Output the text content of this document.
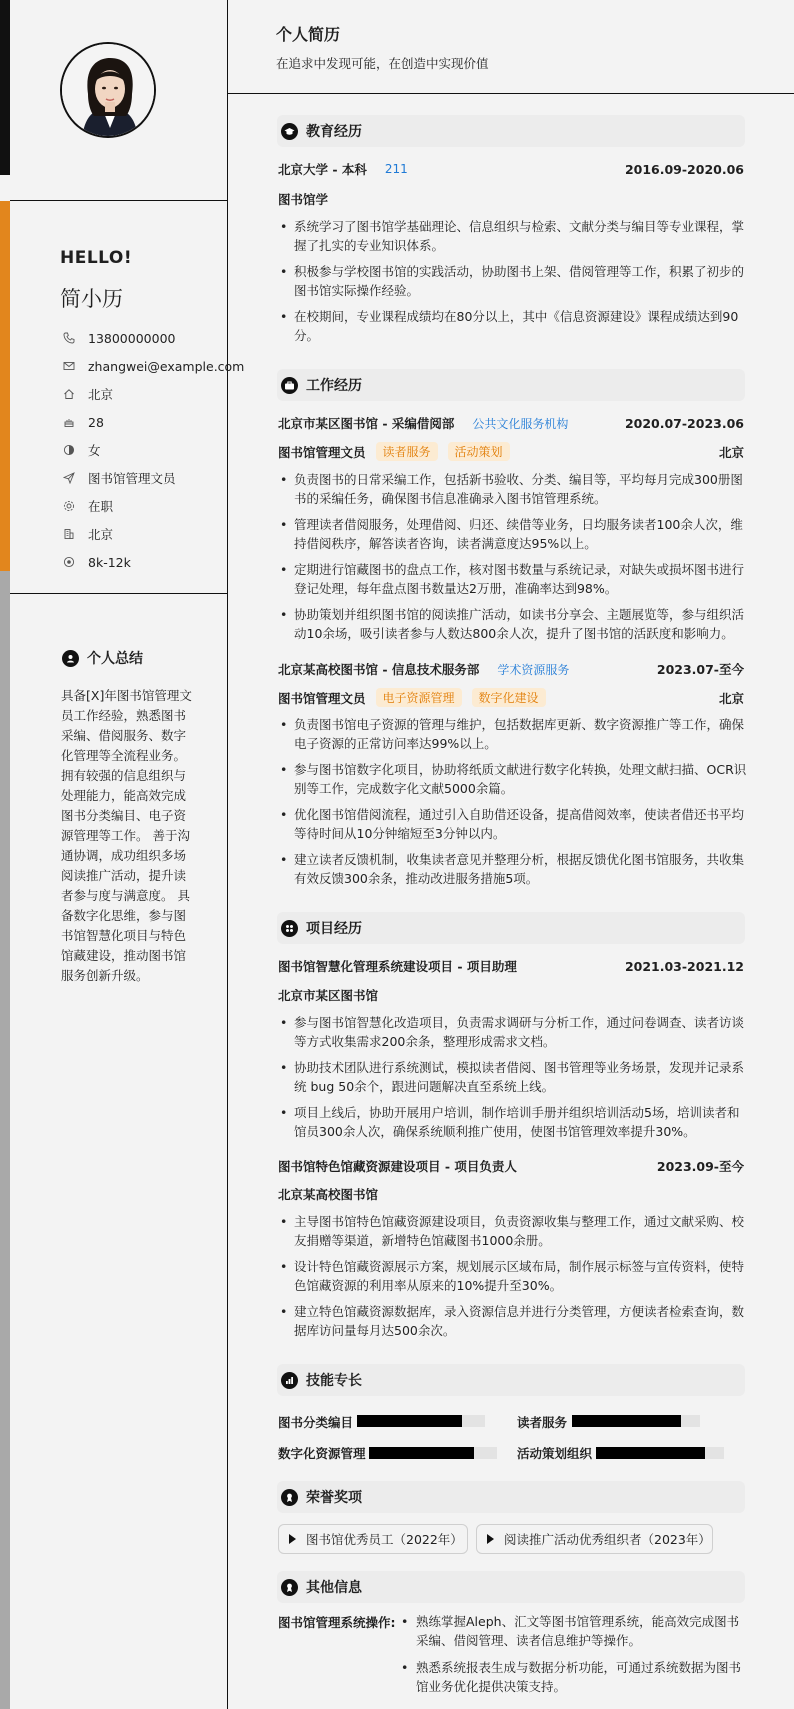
HELLO!
简小历
13800000000
zhangwei@example.com
北京
28
女
图书馆管理文员
在职
北京
8k-12k
个人总结
具备[X]年图书馆管理文员工作经验，熟悉图书采编、借阅服务、数字化管理等全流程业务。 拥有较强的信息组织与处理能力，能高效完成图书分类编目、电子资源管理等工作。 善于沟通协调，成功组织多场阅读推广活动，提升读者参与度与满意度。 具备数字化思维，参与图书馆智慧化项目与特色馆藏建设，推动图书馆服务创新升级。
个人简历
在追求中发现可能，在创造中实现价值
教育经历
北京大学 - 本科 211	2016.09-2020.06
图书馆学
• 系统学习了图书馆学基础理论、信息组织与检索、文献分类与编目等专业课程，掌握了扎实的专业知识体系。
• 积极参与学校图书馆的实践活动，协助图书上架、借阅管理等工作，积累了初步的图书馆实际操作经验。
• 在校期间，专业课程成绩均在80分以上，其中《信息资源建设》课程成绩达到90分。
工作经历
北京市某区图书馆 - 采编借阅部 公共文化服务机构	2020.07-2023.06
图书馆管理文员	读者服务	活动策划	北京
• 负责图书的日常采编工作，包括新书验收、分类、编目等，平均每月完成300册图书的采编任务，确保图书信息准确录入图书馆管理系统。
• 管理读者借阅服务，处理借阅、归还、续借等业务，日均服务读者100余人次，维持借阅秩序，解答读者咨询，读者满意度达95%以上。
• 定期进行馆藏图书的盘点工作，核对图书数量与系统记录，对缺失或损坏图书进行登记处理，每年盘点图书数量达2万册，准确率达到98%。
• 协助策划并组织图书馆的阅读推广活动，如读书分享会、主题展览等，参与组织活动10余场，吸引读者参与人数达800余人次，提升了图书馆的活跃度和影响力。
北京某高校图书馆 - 信息技术服务部 学术资源服务	2023.07-至今
图书馆管理文员	电子资源管理	数字化建设	北京
• 负责图书馆电子资源的管理与维护，包括数据库更新、数字资源推广等工作，确保电子资源的正常访问率达99%以上。
• 参与图书馆数字化项目，协助将纸质文献进行数字化转换，处理文献扫描、OCR识别等工作，完成数字化文献5000余篇。
• 优化图书馆借阅流程，通过引入自助借还设备，提高借阅效率，使读者借还书平均等待时间从10分钟缩短至3分钟以内。
• 建立读者反馈机制，收集读者意见并整理分析，根据反馈优化图书馆服务，共收集有效反馈300余条，推动改进服务措施5项。
项目经历
图书馆智慧化管理系统建设项目 - 项目助理	2021.03-2021.12
北京市某区图书馆
• 参与图书馆智慧化改造项目，负责需求调研与分析工作，通过问卷调查、读者访谈等方式收集需求200余条，整理形成需求文档。
• 协助技术团队进行系统测试，模拟读者借阅、图书管理等业务场景，发现并记录系统 bug 50余个，跟进问题解决直至系统上线。
• 项目上线后，协助开展用户培训，制作培训手册并组织培训活动5场，培训读者和馆员300余人次，确保系统顺利推广使用，使图书馆管理效率提升30%。
图书馆特色馆藏资源建设项目 - 项目负责人	2023.09-至今
北京某高校图书馆
• 主导图书馆特色馆藏资源建设项目，负责资源收集与整理工作，通过文献采购、校友捐赠等渠道，新增特色馆藏图书1000余册。
• 设计特色馆藏资源展示方案，规划展示区域布局，制作展示标签与宣传资料，使特色馆藏资源的利用率从原来的10%提升至30%。
• 建立特色馆藏资源数据库，录入资源信息并进行分类管理，方便读者检索查询，数据库访问量每月达500余次。
技能专长
图书分类编目	读者服务
数字化资源管理	活动策划组织
荣誉奖项
图书馆优秀员工（2022年）	阅读推广活动优秀组织者（2023年）
其他信息
图书馆管理系统操作:
•	熟练掌握Aleph、汇文等图书馆管理系统，能高效完成图书采编、借阅管理、读者信息维护等操作。
• 熟悉系统报表生成与数据分析功能，可通过系统数据为图书馆业务优化提供决策支持。
